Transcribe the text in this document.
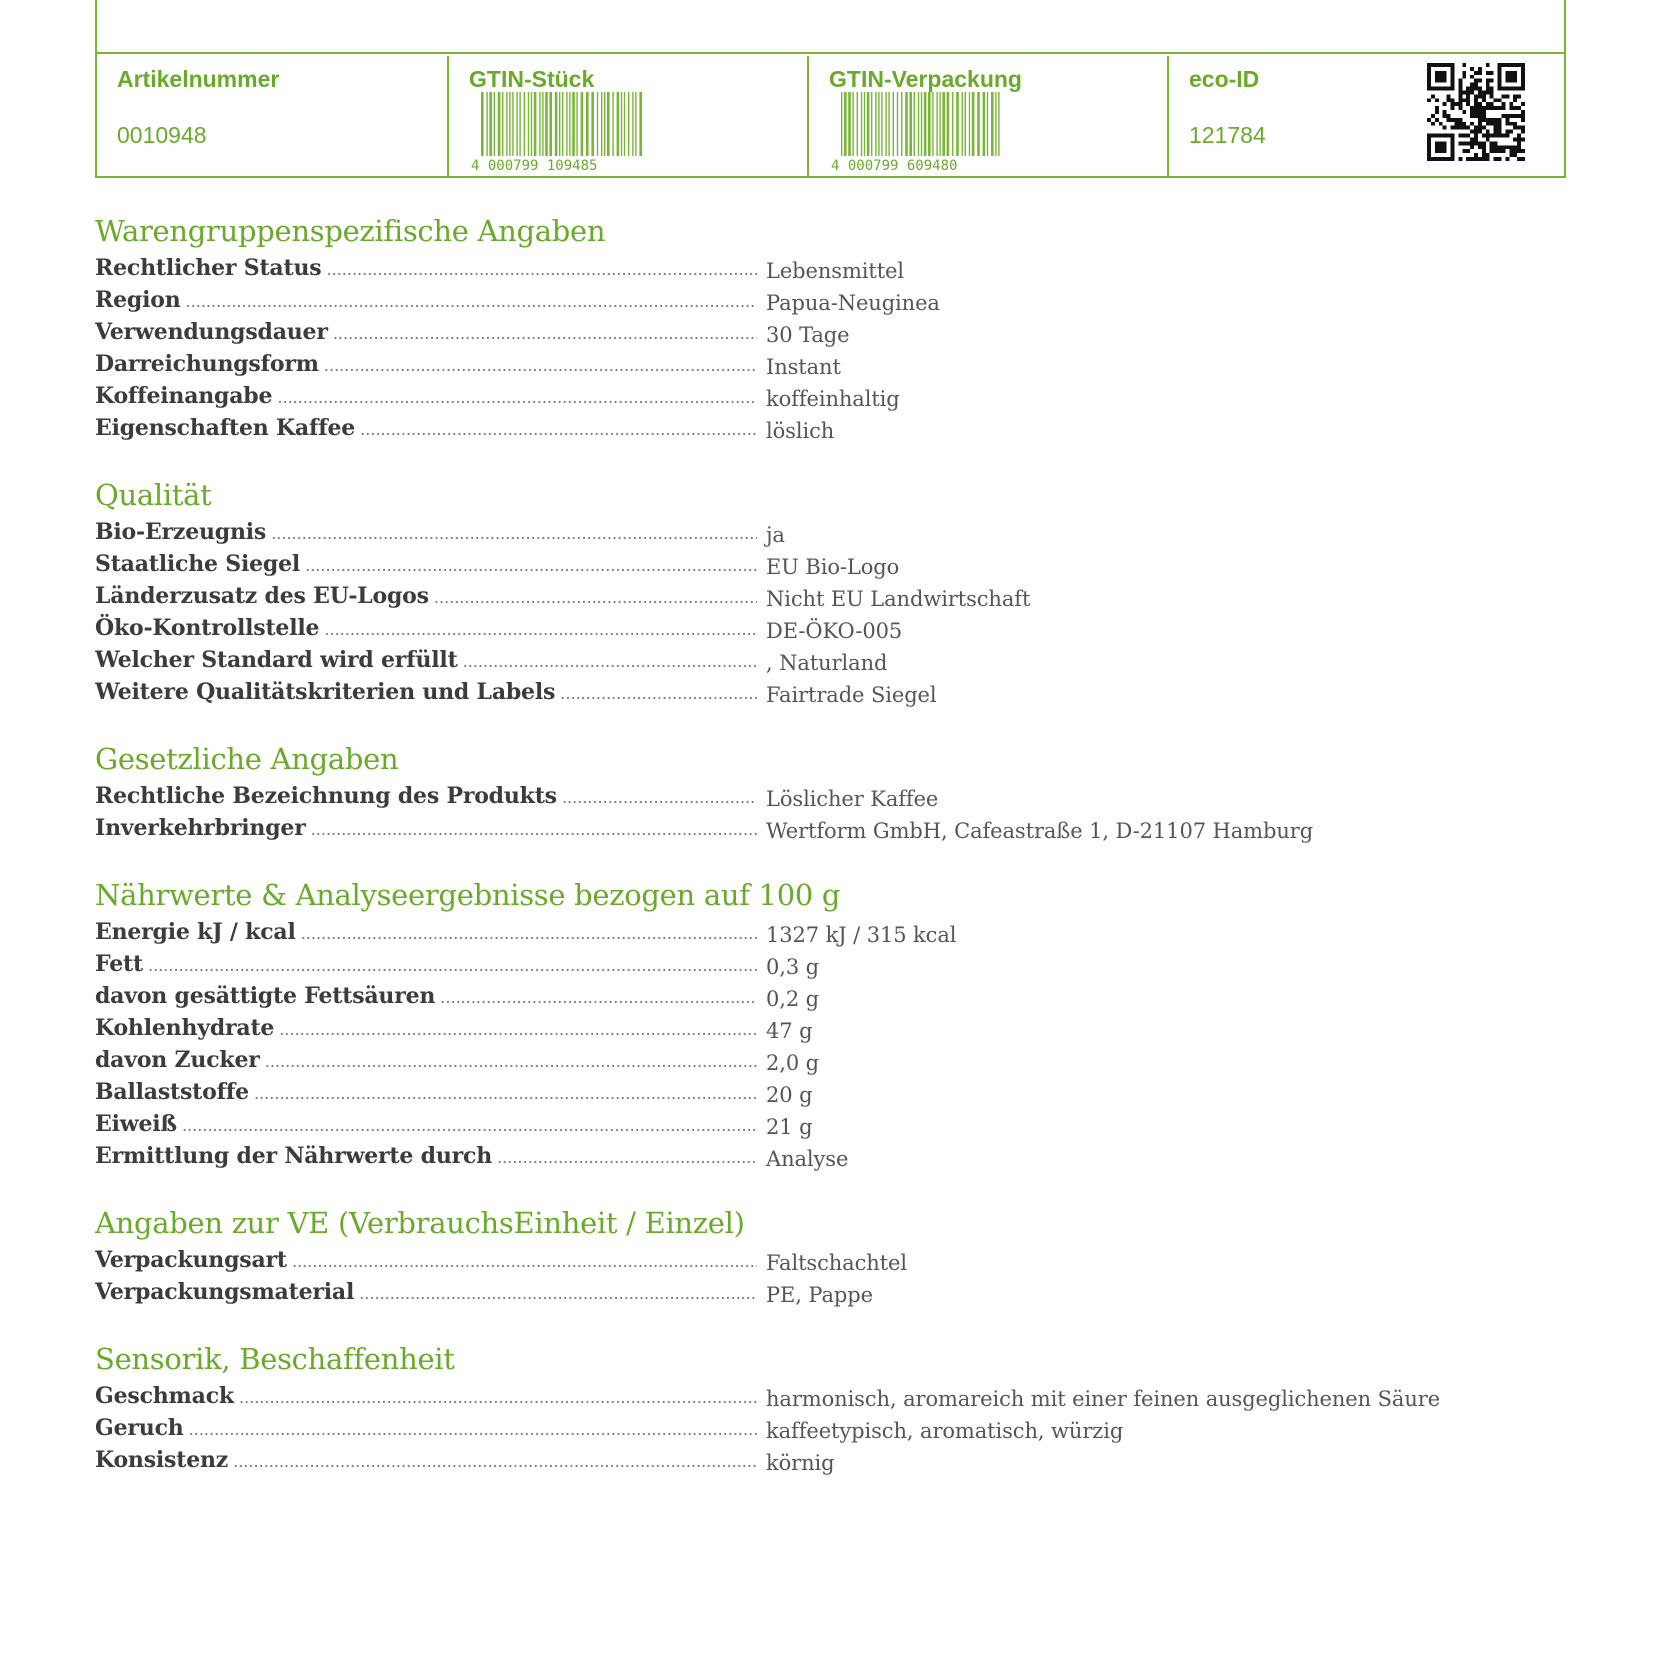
Artikelnummer
0010948
GTIN-Stück
4 000799 109485
GTIN-Verpackung
4 000799 609480
eco-ID
121784
Warengruppenspezifische Angaben
Rechtlicher Status .....	Lebensmittel
Region .....	Papua-Neuginea
Verwendungsdauer .....	30 Tage
Darreichungsform .....	Instant
Koffeinangabe .....	koffeinhaltig
Eigenschaften Kaffee .....	löslich
Qualität
Bio-Erzeugnis .....	ja
Staatliche Siegel .....	EU Bio-Logo
Länderzusatz des EU-Logos .....	Nicht EU Landwirtschaft
Öko-Kontrollstelle .....	DE-ÖKO-005
Welcher Standard wird erfüllt .....	, Naturland
Weitere Qualitätskriterien und Labels .....	Fairtrade Siegel
Gesetzliche Angaben
Rechtliche Bezeichnung des Produkts .....	Löslicher Kaffee
Inverkehrbringer .....	Wertform GmbH, Cafeastraße 1, D-21107 Hamburg
Nährwerte & Analyseergebnisse bezogen auf 100 g
Energie kJ / kcal .....	1327 kJ / 315 kcal
Fett .....	0,3 g
davon gesättigte Fettsäuren .....	0,2 g
Kohlenhydrate .....	47 g
davon Zucker .....	2,0 g
Ballaststoffe .....	20 g
Eiweiß .....	21 g
Ermittlung der Nährwerte durch .....	Analyse
Angaben zur VE (VerbrauchsEinheit / Einzel)
Verpackungsart .....	Faltschachtel
Verpackungsmaterial .....	PE, Pappe
Sensorik, Beschaffenheit
Geschmack .....	harmonisch, aromareich mit einer feinen ausgeglichenen Säure
Geruch .....	kaffeetypisch, aromatisch, würzig
Konsistenz .....	körnig
